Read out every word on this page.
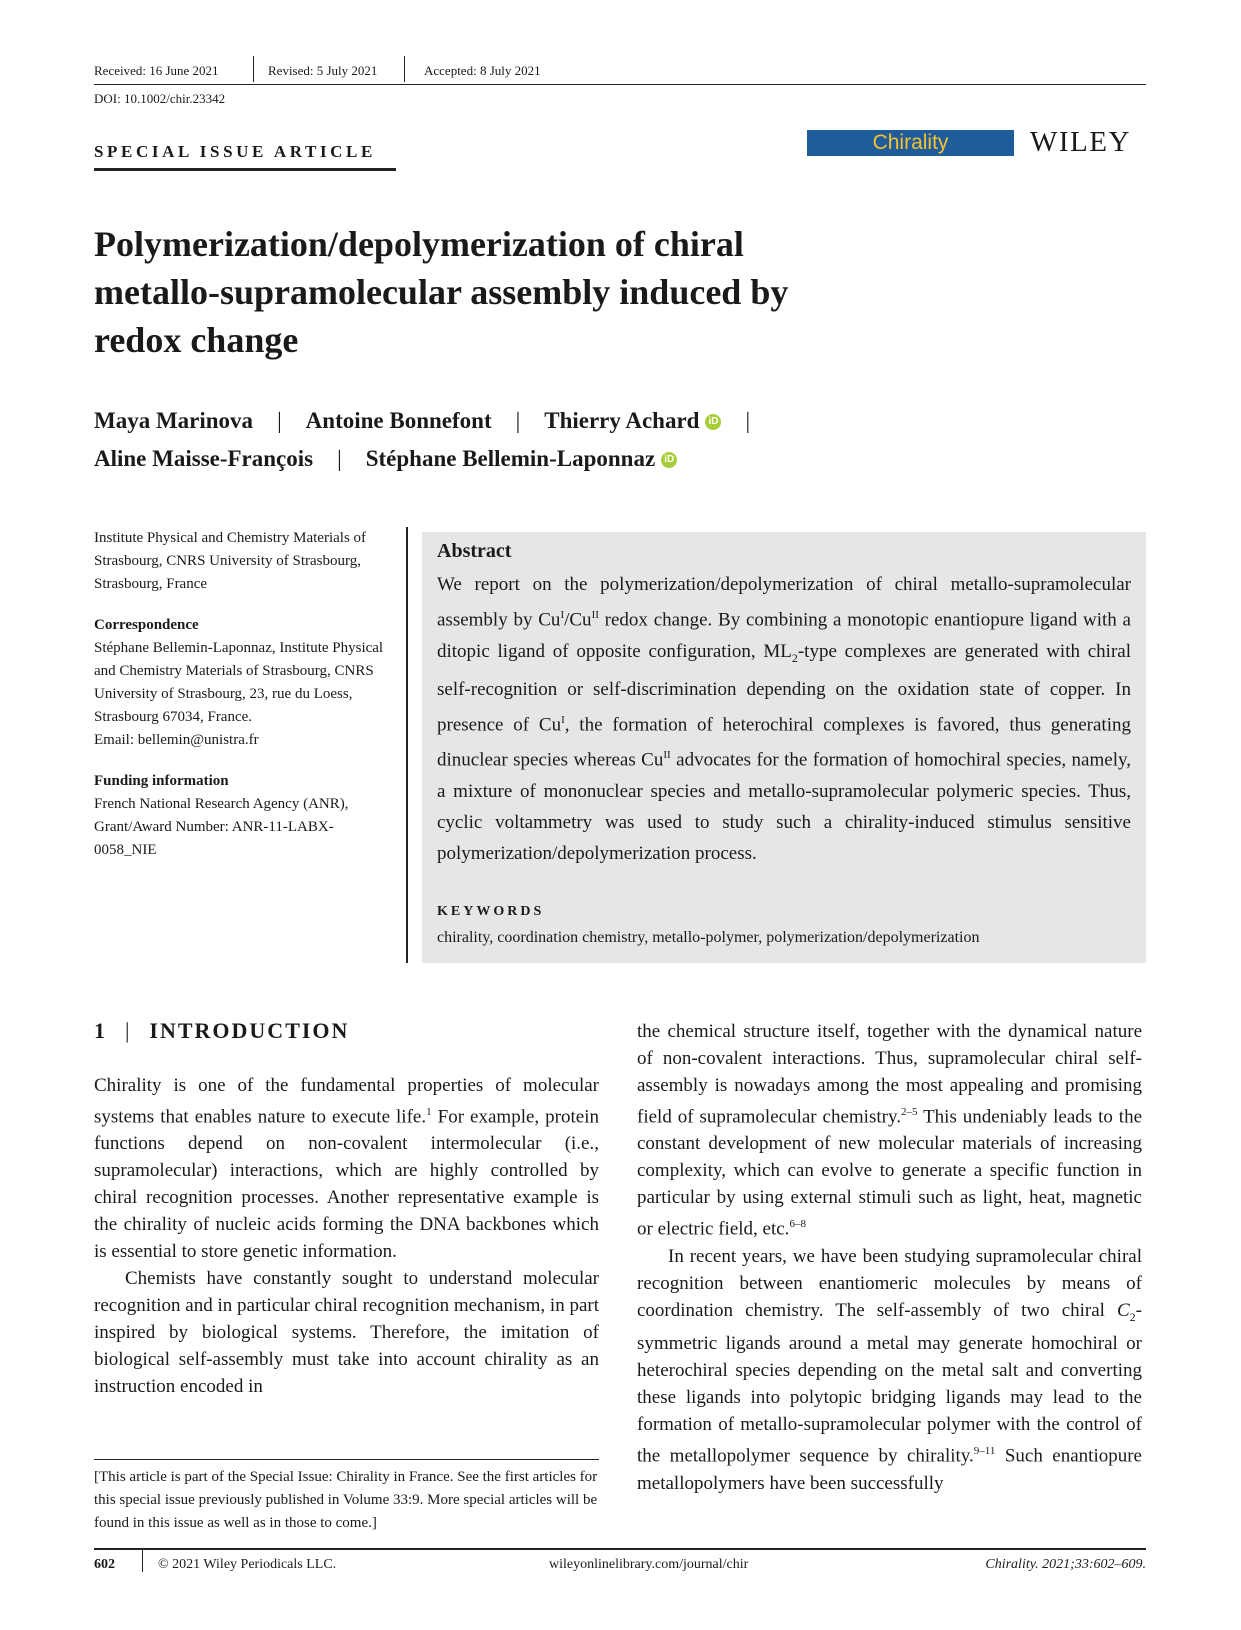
Received: 16 June 2021	Revised: 5 July 2021	Accepted: 8 July 2021
DOI: 10.1002/chir.23342
SPECIAL ISSUE ARTICLE	Chirality	WILEY
Polymerization/depolymerization of chiral metallo-supramolecular assembly induced by redox change
Maya Marinova | Antoine Bonnefont | Thierry Achard iD |
Aline Maisse-François | Stéphane Bellemin-Laponnaz iD

Institute Physical and Chemistry Materials of Strasbourg, CNRS University of Strasbourg, Strasbourg, France

Correspondence

Stéphane Bellemin-Laponnaz, Institute Physical and Chemistry Materials of Strasbourg, CNRS University of Strasbourg, 23, rue du Loess, Strasbourg 67034, France.

Email: bellemin@unistra.fr

Funding information

French National Research Agency (ANR), Grant/Award Number: ANR-11-LABX-0058_NIE

Abstract
We report on the polymerization/depolymerization of chiral metallo-supramolecular assembly by $Cu^I/Cu^{II}$ redox change. By combining a monotopic enantiopure ligand with a ditopic ligand of opposite configuration, $ML_2$-type complexes are generated with chiral self-recognition or self-discrimination depending on the oxidation state of copper. In presence of $Cu^I$, the formation of heterochiral complexes is favored, thus generating dinuclear species whereas $Cu^{II}$ advocates for the formation of homochiral species, namely, a mixture of mononuclear species and metallo-supramolecular polymeric species. Thus, cyclic voltammetry was used to study such a chirality-induced stimulus sensitive polymerization/depolymerization process.
KEYWORDS
chirality, coordination chemistry, metallo-polymer, polymerization/depolymerization
1 | INTRODUCTION

Chirality is one of the fundamental properties of molecular systems that enables nature to execute life.$^1$ For example, protein functions depend on non-covalent intermolecular (i.e., supramolecular) interactions, which are highly controlled by chiral recognition processes. Another representative example is the chirality of nucleic acids forming the DNA backbones which is essential to store genetic information.

Chemists have constantly sought to understand molecular recognition and in particular chiral recognition mechanism, in part inspired by biological systems. Therefore, the imitation of biological self-assembly must take into account chirality as an instruction encoded in

the chemical structure itself, together with the dynamical nature of non-covalent interactions. Thus, supramolecular chiral self-assembly is nowadays among the most appealing and promising field of supramolecular chemistry.$^{2-5}$ This undeniably leads to the constant development of new molecular materials of increasing complexity, which can evolve to generate a specific function in particular by using external stimuli such as light, heat, magnetic or electric field, etc.$^{6-8}$

In recent years, we have been studying supramolecular chiral recognition between enantiomeric molecules by means of coordination chemistry. The self-assembly of two chiral $C_2$-symmetric ligands around a metal may generate homochiral or heterochiral species depending on the metal salt and converting these ligands into polytopic bridging ligands may lead to the formation of metallo-supramolecular polymer with the control of the metallopolymer sequence by chirality.$^{9-11}$ Such enantiopure metallopolymers have been successfully

[This article is part of the Special Issue: Chirality in France. See the first articles for this special issue previously published in Volume 33:9. More special articles will be found in this issue as well as in those to come.]
602	© 2021 Wiley Periodicals LLC.	wileyonlinelibrary.com/journal/chir	Chirality. 2021;33:602–609.
